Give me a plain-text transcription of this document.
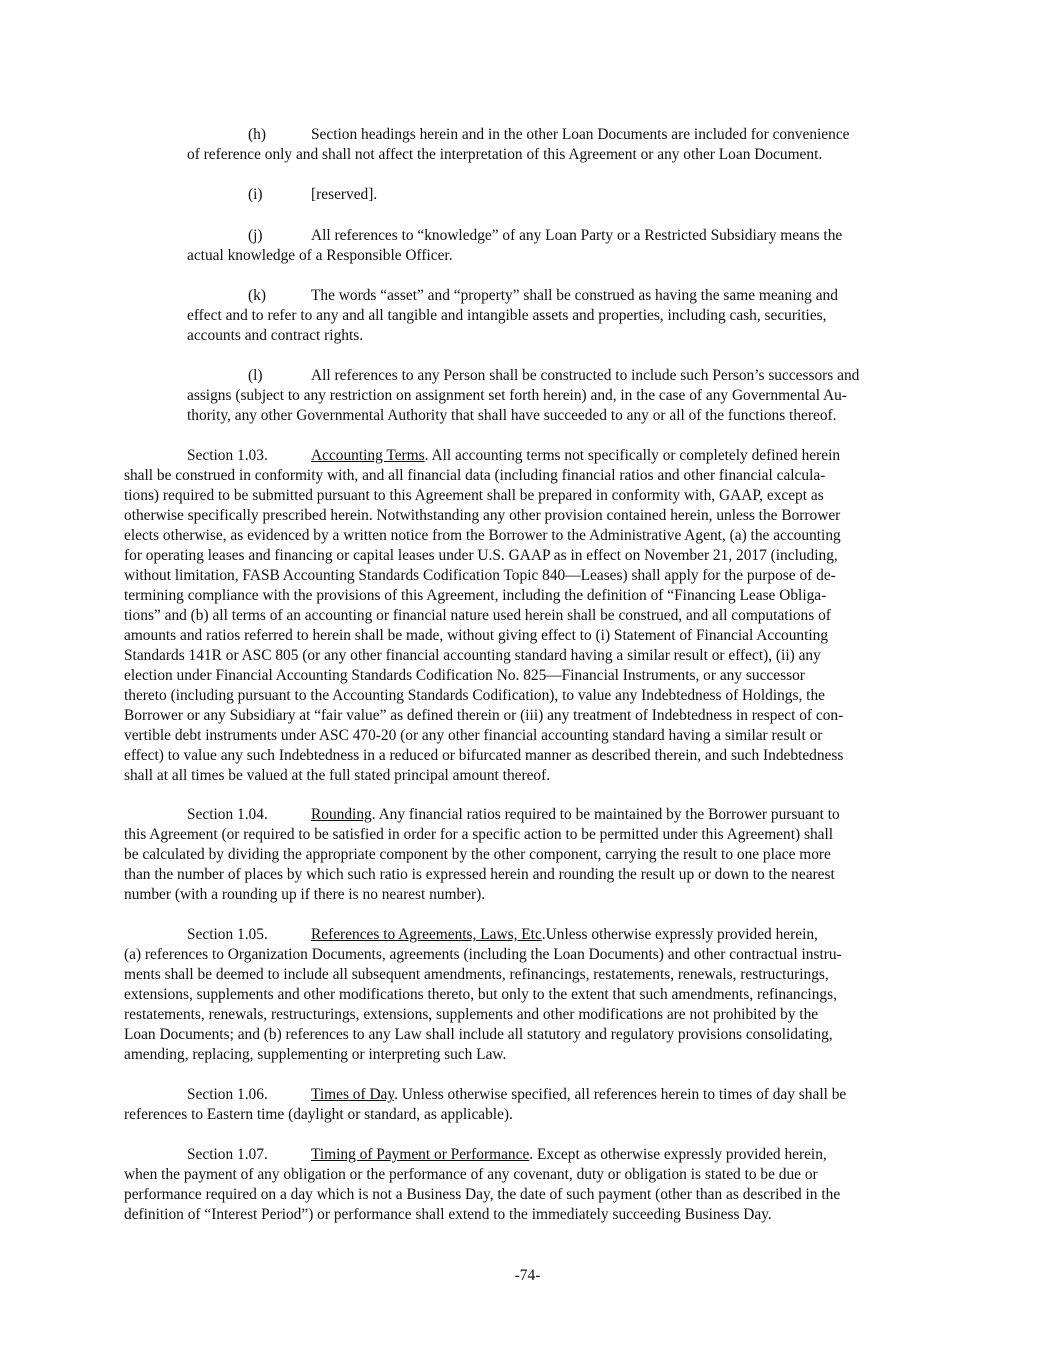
(h)	Section headings herein and in the other Loan Documents are included for convenience
of reference only and shall not affect the interpretation of this Agreement or any other Loan Document.
(i)	[reserved].
(j)	All references to “knowledge” of any Loan Party or a Restricted Subsidiary means the
actual knowledge of a Responsible Officer.
(k)	The words “asset” and “property” shall be construed as having the same meaning and
effect and to refer to any and all tangible and intangible assets and properties, including cash, securities,
accounts and contract rights.
(l)	All references to any Person shall be constructed to include such Person’s successors and
assigns (subject to any restriction on assignment set forth herein) and, in the case of any Governmental Au-
thority, any other Governmental Authority that shall have succeeded to any or all of the functions thereof.
Section 1.03.	Accounting Terms. All accounting terms not specifically or completely defined herein
shall be construed in conformity with, and all financial data (including financial ratios and other financial calcula-
tions) required to be submitted pursuant to this Agreement shall be prepared in conformity with, GAAP, except as
otherwise specifically prescribed herein. Notwithstanding any other provision contained herein, unless the Borrower
elects otherwise, as evidenced by a written notice from the Borrower to the Administrative Agent, (a) the accounting
for operating leases and financing or capital leases under U.S. GAAP as in effect on November 21, 2017 (including,
without limitation, FASB Accounting Standards Codification Topic 840—Leases) shall apply for the purpose of de-
termining compliance with the provisions of this Agreement, including the definition of “Financing Lease Obliga-
tions” and (b) all terms of an accounting or financial nature used herein shall be construed, and all computations of
amounts and ratios referred to herein shall be made, without giving effect to (i) Statement of Financial Accounting
Standards 141R or ASC 805 (or any other financial accounting standard having a similar result or effect), (ii) any
election under Financial Accounting Standards Codification No. 825—Financial Instruments, or any successor
thereto (including pursuant to the Accounting Standards Codification), to value any Indebtedness of Holdings, the
Borrower or any Subsidiary at “fair value” as defined therein or (iii) any treatment of Indebtedness in respect of con-
vertible debt instruments under ASC 470-20 (or any other financial accounting standard having a similar result or
effect) to value any such Indebtedness in a reduced or bifurcated manner as described therein, and such Indebtedness
shall at all times be valued at the full stated principal amount thereof.
Section 1.04.	Rounding. Any financial ratios required to be maintained by the Borrower pursuant to
this Agreement (or required to be satisfied in order for a specific action to be permitted under this Agreement) shall
be calculated by dividing the appropriate component by the other component, carrying the result to one place more
than the number of places by which such ratio is expressed herein and rounding the result up or down to the nearest
number (with a rounding up if there is no nearest number).
Section 1.05.	References to Agreements, Laws, Etc.Unless otherwise expressly provided herein,
(a) references to Organization Documents, agreements (including the Loan Documents) and other contractual instru-
ments shall be deemed to include all subsequent amendments, refinancings, restatements, renewals, restructurings,
extensions, supplements and other modifications thereto, but only to the extent that such amendments, refinancings,
restatements, renewals, restructurings, extensions, supplements and other modifications are not prohibited by the
Loan Documents; and (b) references to any Law shall include all statutory and regulatory provisions consolidating,
amending, replacing, supplementing or interpreting such Law.
Section 1.06.	Times of Day. Unless otherwise specified, all references herein to times of day shall be
references to Eastern time (daylight or standard, as applicable).
Section 1.07.	Timing of Payment or Performance. Except as otherwise expressly provided herein,
when the payment of any obligation or the performance of any covenant, duty or obligation is stated to be due or
performance required on a day which is not a Business Day, the date of such payment (other than as described in the
definition of “Interest Period”) or performance shall extend to the immediately succeeding Business Day.
-74-
